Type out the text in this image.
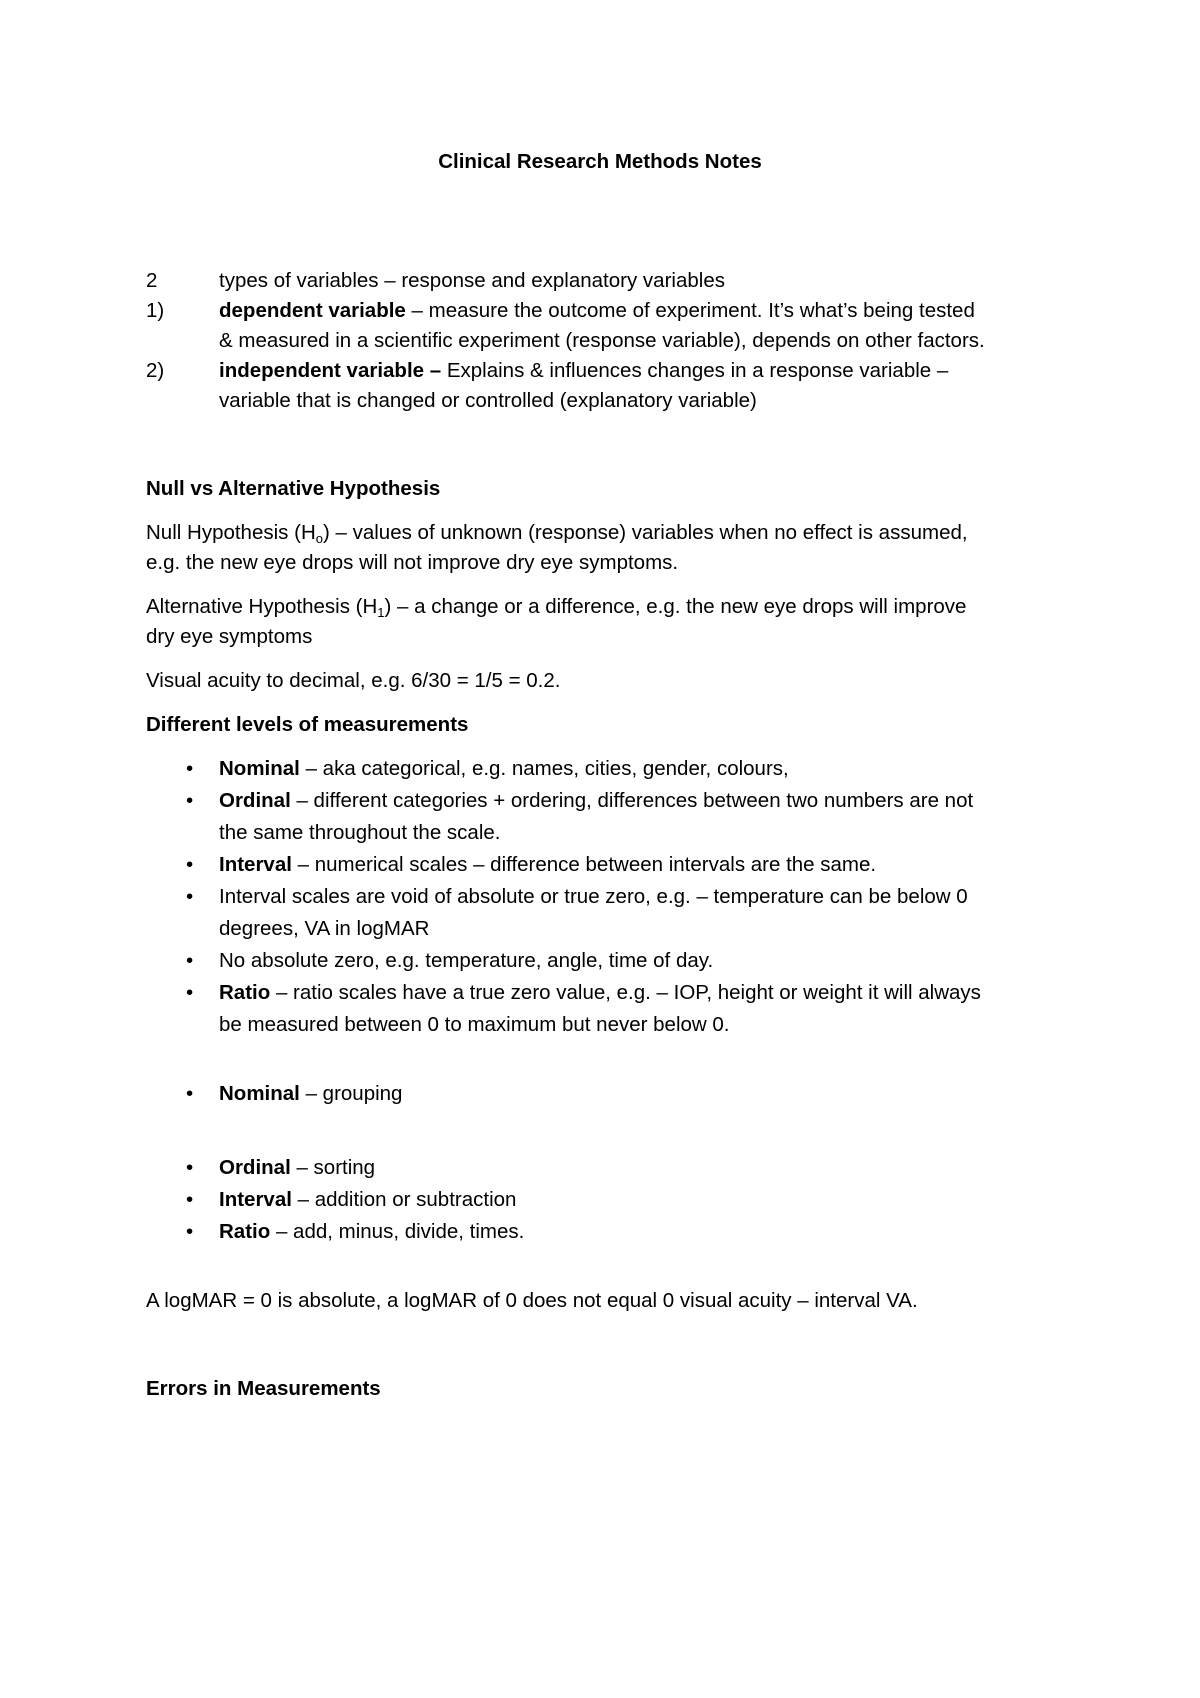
Clinical Research Methods Notes
2	types of variables – response and explanatory variables
1)	dependent variable – measure the outcome of experiment. It’s what’s being tested
& measured in a scientific experiment (response variable), depends on other factors.
2)	independent variable – Explains & influences changes in a response variable –
variable that is changed or controlled (explanatory variable)

Null vs Alternative Hypothesis

Null Hypothesis $(H_o)$ – values of unknown (response) variables when no effect is assumed,

e.g. the new eye drops will not improve dry eye symptoms.

Alternative Hypothesis $(H_1)$ – a change or a difference, e.g. the new eye drops will improve

dry eye symptoms

Visual acuity to decimal, e.g. 6/30 = 1/5 = 0.2.

Different levels of measurements

• Nominal – aka categorical, e.g. names, cities, gender, colours,
• Ordinal – different categories + ordering, differences between two numbers are not
the same throughout the scale.
• Interval – numerical scales – difference between intervals are the same.
• Interval scales are void of absolute or true zero, e.g. – temperature can be below 0
degrees, VA in logMAR
• No absolute zero, e.g. temperature, angle, time of day.
• Ratio – ratio scales have a true zero value, e.g. – IOP, height or weight it will always
be measured between 0 to maximum but never below 0.
• Nominal – grouping
• Ordinal – sorting
• Interval – addition or subtraction
• Ratio – add, minus, divide, times.

A logMAR = 0 is absolute, a logMAR of 0 does not equal 0 visual acuity – interval VA.

Errors in Measurements
